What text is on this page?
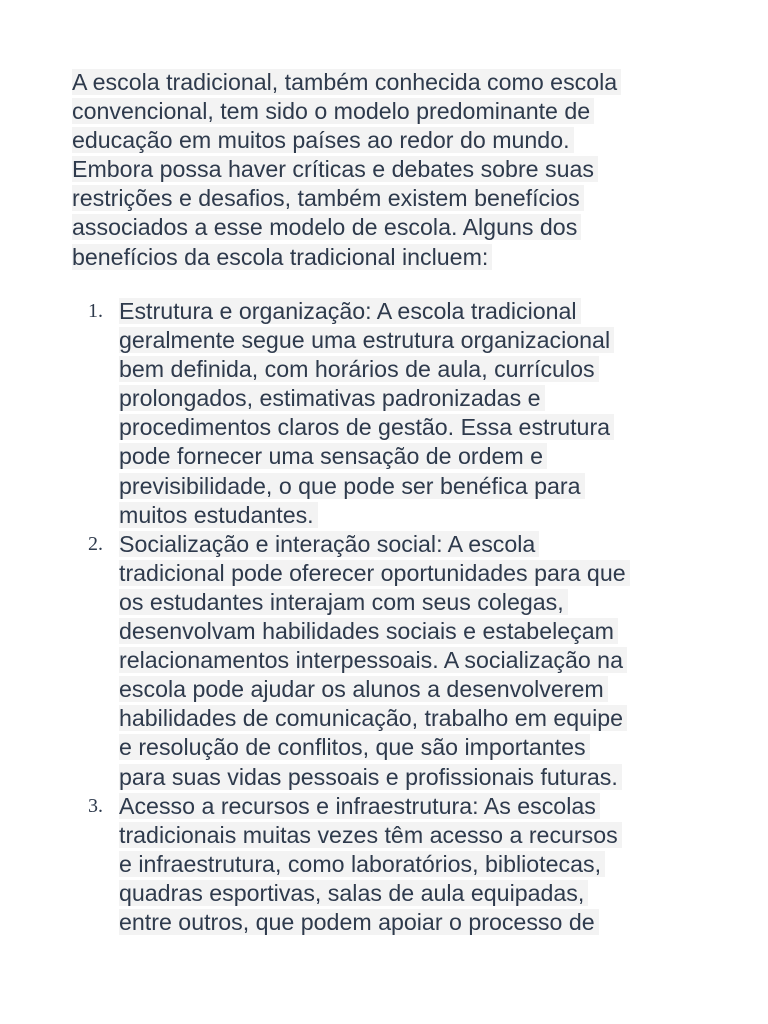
A escola tradicional, também conhecida como escola
convencional, tem sido o modelo predominante de
educação em muitos países ao redor do mundo.
Embora possa haver críticas e debates sobre suas
restrições e desafios, também existem benefícios
associados a esse modelo de escola. Alguns dos
benefícios da escola tradicional incluem:
1. Estrutura e organização: A escola tradicional
geralmente segue uma estrutura organizacional
bem definida, com horários de aula, currículos
prolongados, estimativas padronizadas e
procedimentos claros de gestão. Essa estrutura
pode fornecer uma sensação de ordem e
previsibilidade, o que pode ser benéfica para
muitos estudantes.
2. Socialização e interação social: A escola
tradicional pode oferecer oportunidades para que
os estudantes interajam com seus colegas,
desenvolvam habilidades sociais e estabeleçam
relacionamentos interpessoais. A socialização na
escola pode ajudar os alunos a desenvolverem
habilidades de comunicação, trabalho em equipe
e resolução de conflitos, que são importantes
para suas vidas pessoais e profissionais futuras.
3. Acesso a recursos e infraestrutura: As escolas
tradicionais muitas vezes têm acesso a recursos
e infraestrutura, como laboratórios, bibliotecas,
quadras esportivas, salas de aula equipadas,
entre outros, que podem apoiar o processo de
